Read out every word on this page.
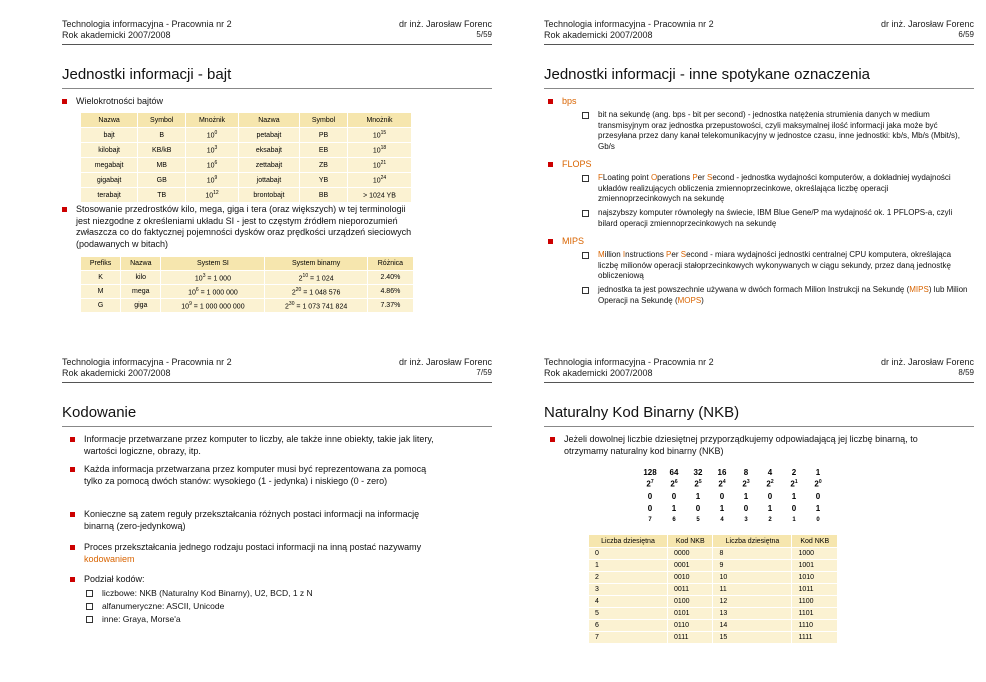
Technologia informacyjna - Pracownia nr 2
Rok akademicki 2007/2008
dr inż. Jarosław Forenc
5/59
Jednostki informacji - bajt
Wielokrotności bajtów
Nazwa	Symbol	Mnożnik	Nazwa	Symbol	Mnożnik
bajt	B	$10^0$	petabajt	PB	$10^{15}$
kilobajt	KB/kB	$10^3$	eksabajt	EB	$10^{18}$
megabajt	MB	$10^6$	zettabajt	ZB	$10^{21}$
gigabajt	GB	$10^9$	jottabajt	YB	$10^{24}$
terabajt	TB	$10^{12}$	brontobajt	BB	> 1024 YB
Stosowanie przedrostków kilo, mega, giga i tera (oraz większych) w tej terminologii jest niezgodne z określeniami układu SI - jest to częstym źródłem nieporozumień zwłaszcza co do faktycznej pojemności dysków oraz prędkości urządzeń sieciowych (podawanych w bitach)
Prefiks	Nazwa	System SI	System binarny	Różnica
K	kilo	$10^3 = 1$ 000	$2^{10} = 1$ 024	2.40%
M	mega	$10^6 = 1$ 000 000	$2^{20} = 1$ 048 576	4.86%
G	giga	$10^9 = 1$ 000 000 000	$2^{30} = 1$ 073 741 824	7.37%
Technologia informacyjna - Pracownia nr 2
Rok akademicki 2007/2008
dr inż. Jarosław Forenc
6/59
Jednostki informacji - inne spotykane oznaczenia
bps
bit na sekundę (ang. bps - bit per second) - jednostka natężenia strumienia danych w medium transmisyjnym oraz jednostka przepustowości, czyli maksymalnej ilość informacji jaka może być przesyłana przez dany kanał telekomunikacyjny w jednostce czasu, inne jednostki: kb/s, Mb/s (Mbit/s), Gb/s
FLOPS
FLoating point Operations Per Second - jednostka wydajności komputerów, a dokładniej wydajności układów realizujących obliczenia zmiennoprzecinkowe, określająca liczbę operacji zmiennoprzecinkowych na sekundę
najszybszy komputer równoległy na świecie, IBM Blue Gene/P ma wydajność ok. 1 PFLOPS-a, czyli bilard operacji zmiennoprzecinkowych na sekundę
MIPS
Million Instructions Per Second - miara wydajności jednostki centralnej CPU komputera, określająca liczbę milionów operacji stałoprzecinkowych wykonywanych w ciągu sekundy, przez daną jednostkę obliczeniową
jednostka ta jest powszechnie używana w dwóch formach Milion Instrukcji na Sekundę (MIPS) lub Milion Operacji na Sekundę (MOPS)
Technologia informacyjna - Pracownia nr 2
Rok akademicki 2007/2008
dr inż. Jarosław Forenc
7/59
Kodowanie
Informacje przetwarzane przez komputer to liczby, ale także inne obiekty, takie jak litery, wartości logiczne, obrazy, itp.
Każda informacja przetwarzana przez komputer musi być reprezentowana za pomocą tylko za pomocą dwóch stanów: wysokiego (1 - jedynka) i niskiego (0 - zero)
Konieczne są zatem reguły przekształcania różnych postaci informacji na informację binarną (zero-jedynkową)
Proces przekształcania jednego rodzaju postaci informacji na inną postać nazywamy kodowaniem
Podział kodów:
liczbowe: NKB (Naturalny Kod Binarny), U2, BCD, 1 z N
alfanumeryczne: ASCII, Unicode
inne: Graya, Morse'a
Technologia informacyjna - Pracownia nr 2
Rok akademicki 2007/2008
dr inż. Jarosław Forenc
8/59
Naturalny Kod Binarny (NKB)
Jeżeli dowolnej liczbie dziesiętnej przyporządkujemy odpowiadającą jej liczbę binarną, to otrzymamy naturalny kod binarny (NKB)
128	64	32	16	8	4	2	1
$2^7$	$2^6$	$2^5$	$2^4$	$2^3$	$2^2$	$2^1$	$2^0$
0	0	1	0	1	0	1	0
0	1	0	1	0	1	0	1
7	6	5	4	3	2	1	0
Liczba dziesiętna	Kod NKB	Liczba dziesiętna	Kod NKB
0	0000	8	1000
1	0001	9	1001
2	0010	10	1010
3	0011	11	1011
4	0100	12	1100
5	0101	13	1101
6	0110	14	1110
7	0111	15	1111
